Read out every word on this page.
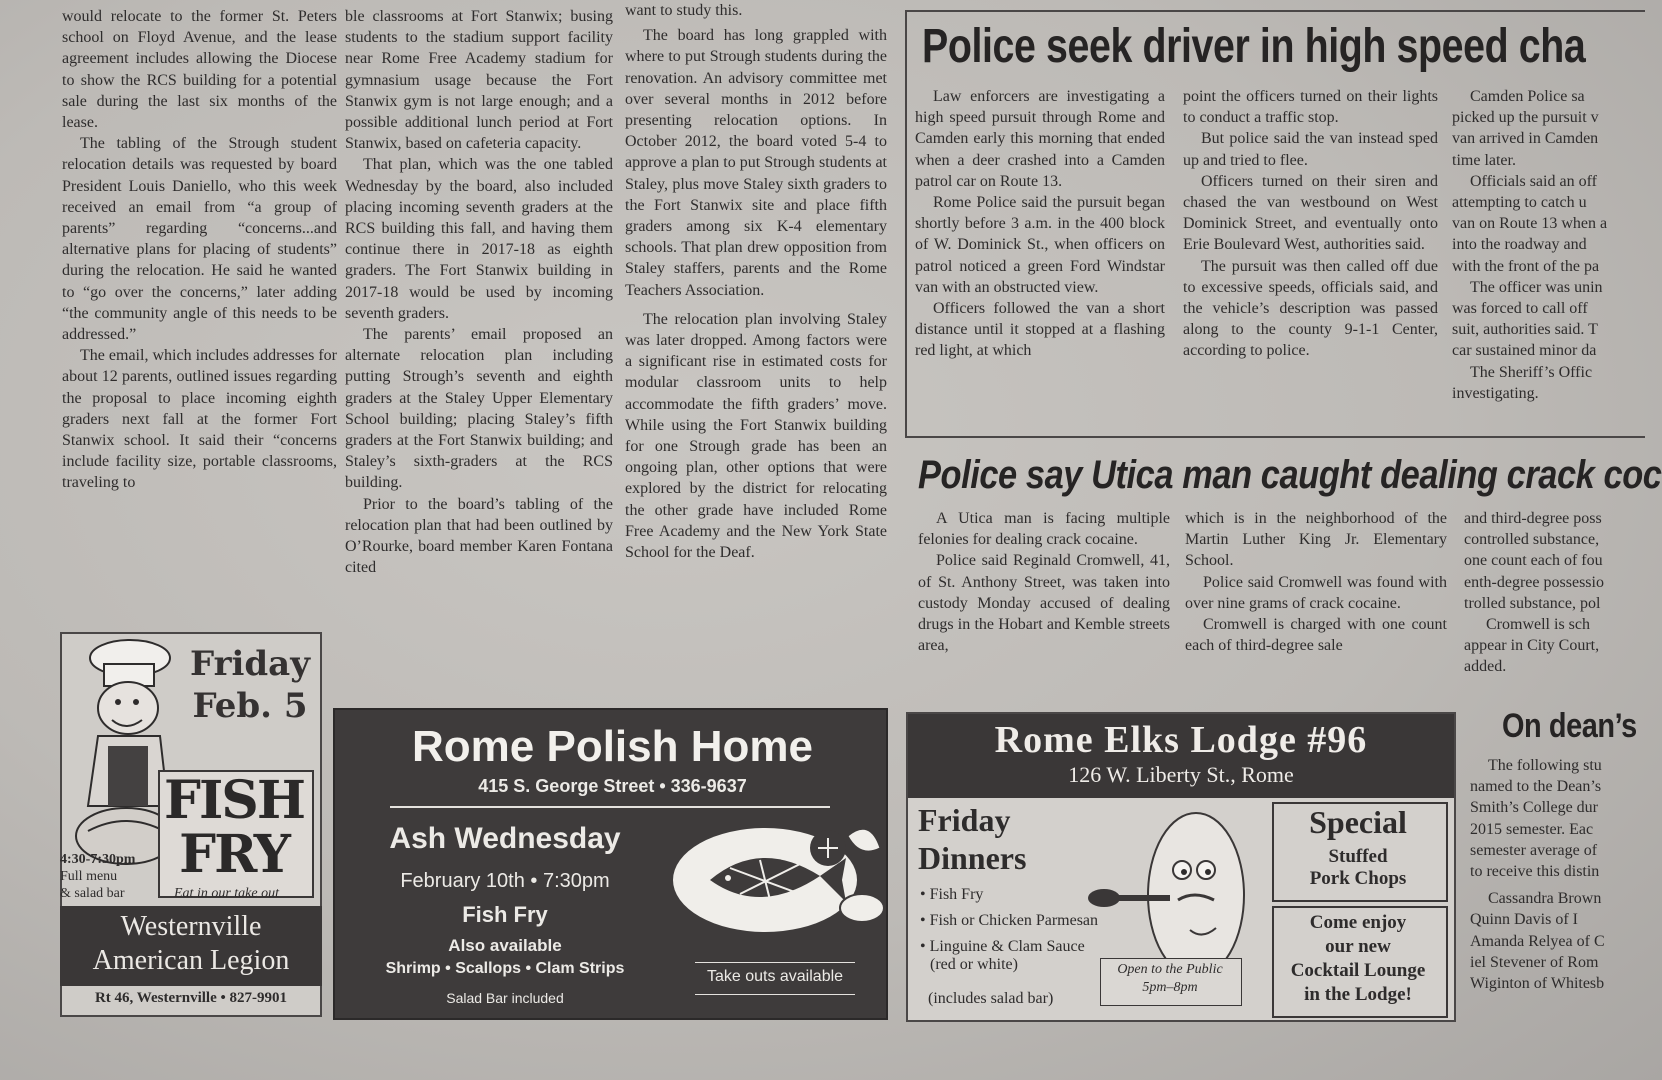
would relocate to the former St. Peters school on Floyd Avenue, and the lease agreement includes allowing the Diocese to show the RCS building for a potential sale during the last six months of the lease.

The tabling of the Strough student relocation details was requested by board President Louis Daniello, who this week received an email from “a group of parents” regarding “concerns...and alternative plans for placing of students” during the relocation. He said he wanted to “go over the concerns,” later adding “the community angle of this needs to be addressed.”

The email, which includes addresses for about 12 parents, outlined issues regarding the proposal to place incoming eighth graders next fall at the former Fort Stanwix school. It said their “concerns include facility size, portable classrooms, traveling to

ble classrooms at Fort Stanwix; busing students to the stadium support facility near Rome Free Academy stadium for gymnasium usage because the Fort Stanwix gym is not large enough; and a possible additional lunch period at Fort Stanwix, based on cafeteria capacity.

That plan, which was the one tabled Wednesday by the board, also included placing incoming seventh graders at the RCS building this fall, and having them continue there in 2017-18 as eighth graders. The Fort Stanwix building in 2017-18 would be used by incoming seventh graders.

The parents’ email proposed an alternate relocation plan including putting Strough’s seventh and eighth graders at the Staley Upper Elementary School building; placing Staley’s fifth graders at the Fort Stanwix building; and Staley’s sixth-graders at the RCS building.

Prior to the board’s tabling of the relocation plan that had been outlined by O’Rourke, board member Karen Fontana cited

want to study this.

The board has long grappled with where to put Strough students during the renovation. An advisory committee met over several months in 2012 before presenting relocation options. In October 2012, the board voted 5-4 to approve a plan to put Strough students at Staley, plus move Staley sixth graders to the Fort Stanwix site and place fifth graders among six K-4 elementary schools. That plan drew opposition from Staley staffers, parents and the Rome Teachers Association.

The relocation plan involving Staley was later dropped. Among factors were a significant rise in estimated costs for modular classroom units to help accommodate the fifth graders’ move. While using the Fort Stanwix building for one Strough grade has been an ongoing plan, other options that were explored by the district for relocating the other grade have included Rome Free Academy and the New York State School for the Deaf.

Police seek driver in high speed cha

Law enforcers are investigating a high speed pursuit through Rome and Camden early this morning that ended when a deer crashed into a Camden patrol car on Route 13.

Rome Police said the pursuit began shortly before 3 a.m. in the 400 block of W. Dominick St., when officers on patrol noticed a green Ford Windstar van with an obstructed view.

Officers followed the van a short distance until it stopped at a flashing red light, at which

point the officers turned on their lights to conduct a traffic stop.

But police said the van instead sped up and tried to flee.

Officers turned on their siren and chased the van westbound on West Dominick Street, and eventually onto Erie Boulevard West, authorities said.

The pursuit was then called off due to excessive speeds, officials said, and the vehicle’s description was passed along to the county 9-1-1 Center, according to police.

Camden Police sa
picked up the pursuit v
van arrived in Camden
time later.
Officials said an off
attempting to catch u
van on Route 13 when a
into the roadway and
with the front of the pa
The officer was unin
was forced to call off
suit, authorities said. T
car sustained minor da
The Sheriff’s Offic
investigating.
Police say Utica man caught dealing crack coc

A Utica man is facing multiple felonies for dealing crack cocaine.

Police said Reginald Cromwell, 41, of St. Anthony Street, was taken into custody Monday accused of dealing drugs in the Hobart and Kemble streets area,

which is in the neighborhood of the Martin Luther King Jr. Elementary School.

Police said Cromwell was found with over nine grams of crack cocaine.

Cromwell is charged with one count each of third-degree sale

and third-degree poss
controlled substance,
one count each of fou
enth-degree possessio
trolled substance, pol
Cromwell is sch
appear in City Court,
added.
On dean’s
The following stu
named to the Dean’s
Smith’s College dur
2015 semester. Eac
semester average of
to receive this distin
Cassandra Brown
Quinn Davis of I
Amanda Relyea of C
iel Stevener of Rom
Wiginton of Whitesb
Friday
Feb. 5
FISH
FRY
4:30-7:30pm
Full menu
& salad bar	Eat in our take out
Westernville
American Legion
Rt 46, Westernville • 827-9901
Rome Polish Home
415 S. George Street • 336-9637
Ash Wednesday
February 10th • 7:30pm
Fish Fry
Also available
Shrimp • Scallops • Clam Strips
Salad Bar included
Take outs available
Rome Elks Lodge #96
126 W. Liberty St., Rome
Friday
Dinners
• Fish Fry
• Fish or Chicken Parmesan
• Linguine & Clam Sauce
(red or white)
(includes salad bar)
Open to the Public
5pm–8pm
Special
Stuffed
Pork Chops
Come enjoy
our new
Cocktail Lounge
in the Lodge!
